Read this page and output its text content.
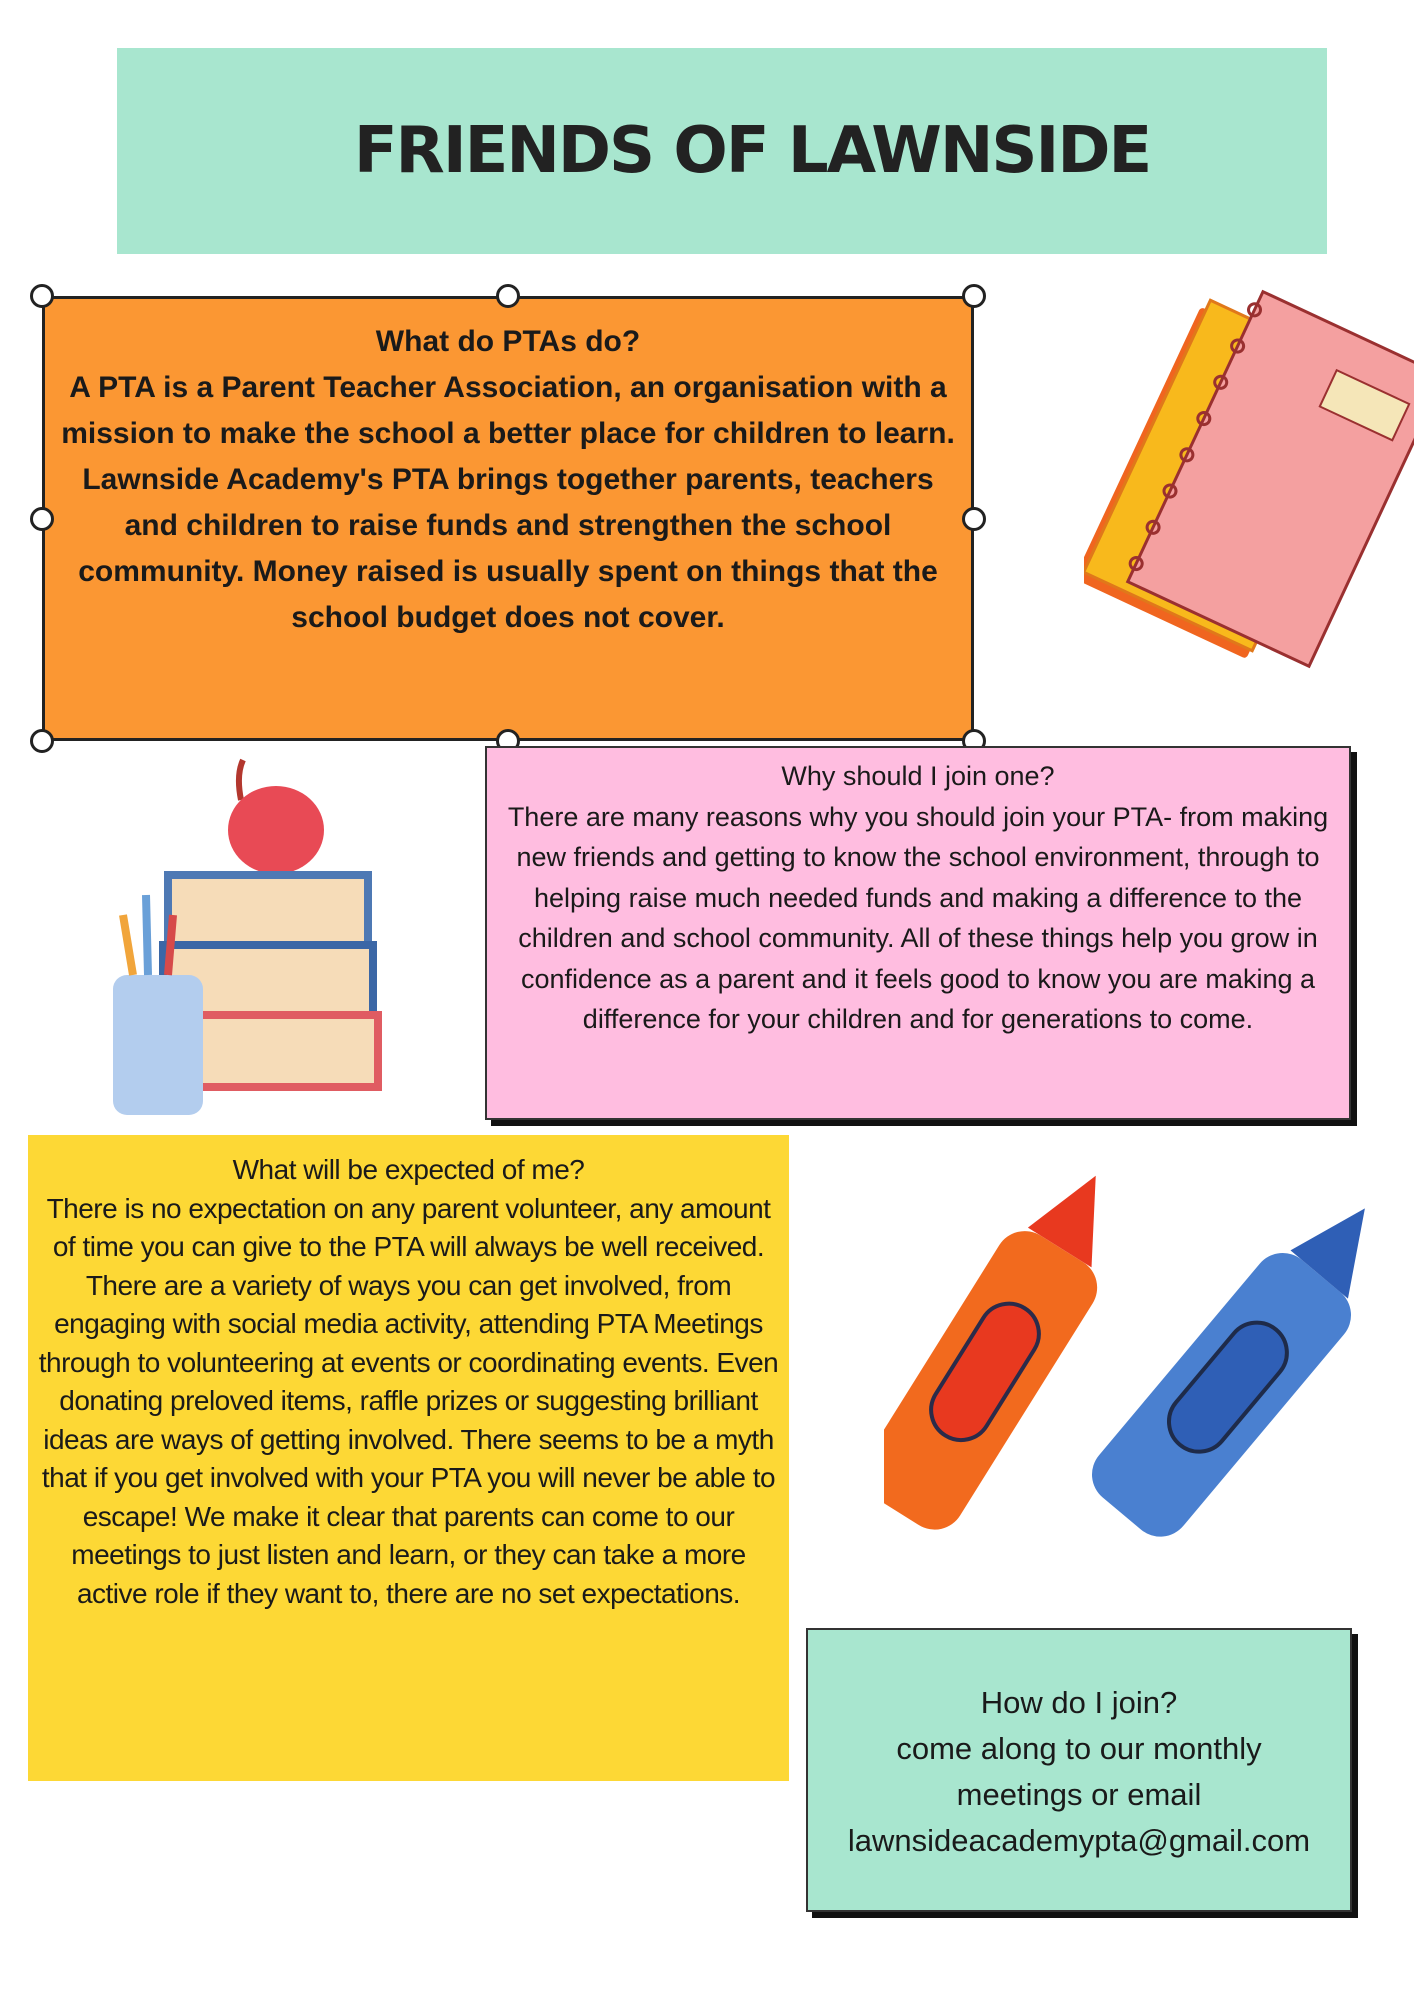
FRIENDS OF LAWNSIDE
What do PTAs do?
A PTA is a Parent Teacher Association, an organisation with a mission to make the school a better place for children to learn. Lawnside Academy's PTA brings together parents, teachers and children to raise funds and strengthen the school community. Money raised is usually spent on things that the school budget does not cover.
Why should I join one?
There are many reasons why you should join your PTA- from making new friends and getting to know the school environment, through to helping raise much needed funds and making a difference to the children and school community. All of these things help you grow in confidence as a parent and it feels good to know you are making a difference for your children and for generations to come.
What will be expected of me?
There is no expectation on any parent volunteer, any amount of time you can give to the PTA will always be well received. There are a variety of ways you can get involved, from engaging with social media activity, attending PTA Meetings through to volunteering at events or coordinating events. Even donating preloved items, raffle prizes or suggesting brilliant ideas are ways of getting involved. There seems to be a myth that if you get involved with your PTA you will never be able to escape! We make it clear that parents can come to our meetings to just listen and learn, or they can take a more active role if they want to, there are no set expectations.
How do I join?
come along to our monthly meetings or email
lawnsideacademypta@gmail.com
